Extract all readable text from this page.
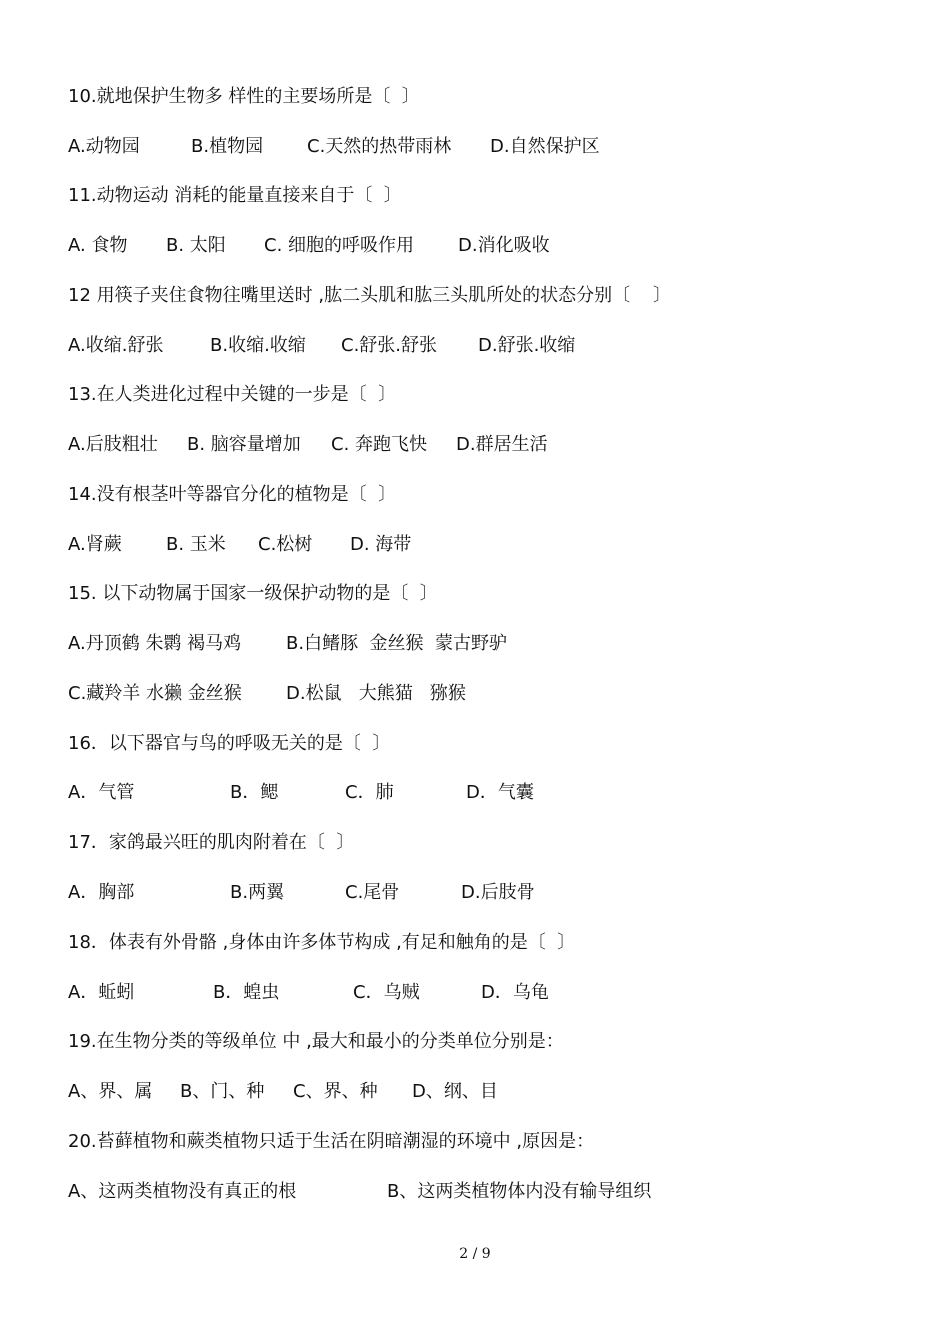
10.就地保护生物多 样性的主要场所是〔  〕
A.动物园	B.植物园 C.天然的热带雨林 D.自然保护区
11.动物运动 消耗的能量直接来自于〔  〕
A. 食物 B. 太阳 C. 细胞的呼吸作用 D.消化吸收
12 用筷子夹住食物往嘴里送时 ,肱二头肌和肱三头肌所处的状态分别〔    〕
A.收缩.舒张	B.收缩.收缩 C.舒张.舒张 D.舒张.收缩
13.在人类进化过程中关键的一步是〔  〕
A.后肢粗壮 B. 脑容量增加 C. 奔跑飞快 D.群居生活
14.没有根茎叶等器官分化的植物是〔  〕
A.肾蕨 B. 玉米 C.松树 D. 海带
15. 以下动物属于国家一级保护动物的是〔  〕
A.丹顶鹤 朱鹮 褐马鸡 B.白鳍豚  金丝猴  蒙古野驴
C.藏羚羊 水獭 金丝猴 D.松鼠   大熊猫   猕猴
16．以下器官与鸟的呼吸无关的是〔  〕
A．气管	B．鳃	C．肺	D．气囊
17．家鸽最兴旺的肌肉附着在〔  〕
A．胸部	B.两翼	C.尾骨	D.后肢骨
18．体表有外骨骼 ,身体由许多体节构成 ,有足和触角的是〔  〕
A．蚯蚓	B．蝗虫	C．乌贼	D．乌龟
19.在生物分类的等级单位 中 ,最大和最小的分类单位分别是：
A、界、属 B、门、种 C、界、种 D、纲、目
20.苔藓植物和蕨类植物只适于生活在阴暗潮湿的环境中 ,原因是：
A、这两类植物没有真正的根	B、这两类植物体内没有输导组织
2 / 9
